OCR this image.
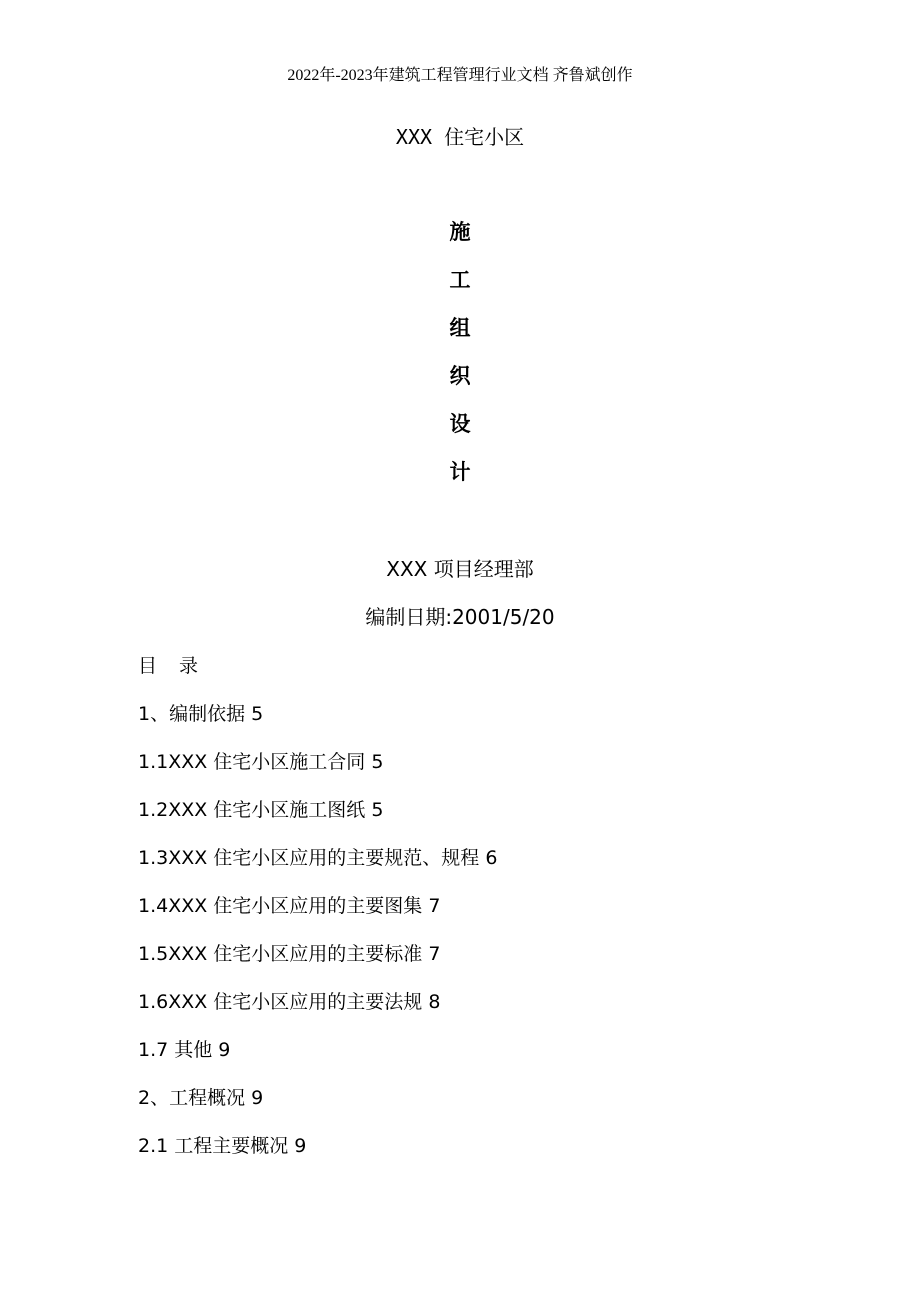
2022年-2023年建筑工程管理行业文档 齐鲁斌创作
XXX 住宅小区
施
工
组
织
设
计
XXX 项目经理部
编制日期:2001/5/20
目 录
1、编制依据 5
1.1XXX 住宅小区施工合同 5
1.2XXX 住宅小区施工图纸 5
1.3XXX 住宅小区应用的主要规范、规程 6
1.4XXX 住宅小区应用的主要图集 7
1.5XXX 住宅小区应用的主要标准 7
1.6XXX 住宅小区应用的主要法规 8
1.7 其他 9
2、工程概况 9
2.1 工程主要概况 9
